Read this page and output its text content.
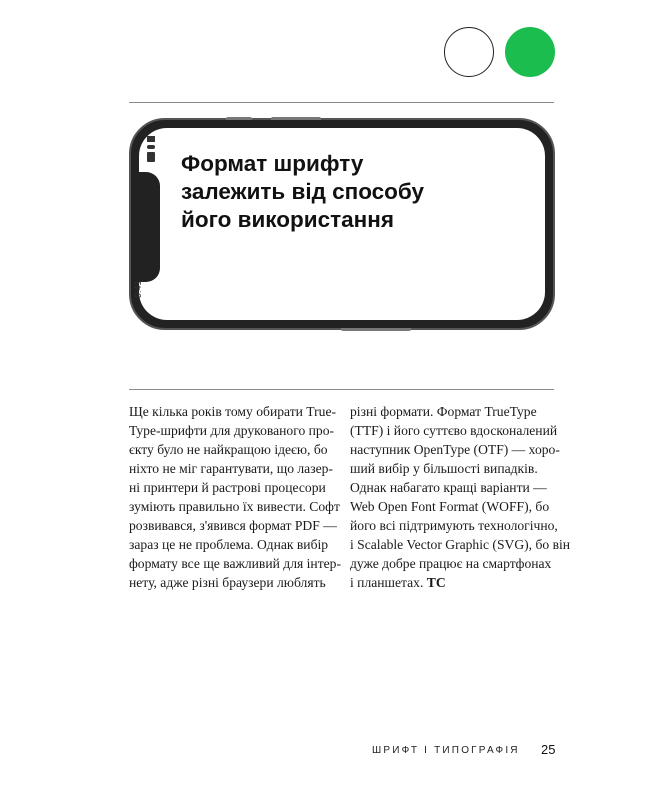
9:41
Формат шрифту
залежить від способу
його використання
Ще кілька років тому обирати True-
Type-шрифти для друкованого про-
єкту було не найкращою ідеєю, бо
ніхто не міг гарантувати, що лазер-
ні принтери й растрові процесори
зуміють правильно їх вивести. Софт
розвивався, з'явився формат PDF —
зараз це не проблема. Однак вибір
формату все ще важливий для інтер-
нету, адже різні браузери люблять
різні формати. Формат TrueType
(TTF) і його суттєво вдосконалений
наступник OpenType (OTF) — хоро-
ший вибір у більшості випадків.
Однак набагато кращі варіанти —
Web Open Font Format (WOFF), бо
його всі підтримують технологічно,
і Scalable Vector Graphic (SVG), бо він
дуже добре працює на смартфонах
і планшетах. ТС
ШРИФТ І ТИПОГРАФІЯ 25
